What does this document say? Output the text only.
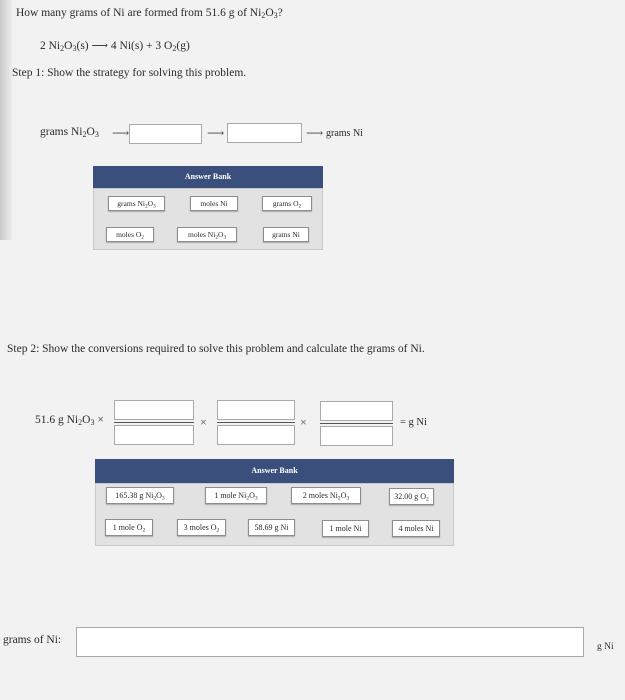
How many grams of Ni are formed from 51.6 g of $Ni_2O_3$?
2 $Ni_2O_3(s)$ ⟶ 4 Ni(s) + 3 $O_2(g)$
Step 1: Show the strategy for solving this problem.
grams $Ni_2O_3$ ⟶	⟶	⟶ grams Ni
Answer Bank
Step 2: Show the conversions required to solve this problem and calculate the grams of Ni.
51.6 g $Ni_2O_3$ ×	×	×	= g Ni
Answer Bank
grams of Ni:
g Ni
grams $Ni_2O_3$	moles Ni	grams $O_2$
moles $O_2$	moles $Ni_2O_3$	grams Ni
165.38 g $Ni_2O_3$	1 mole $Ni_2O_3$	2 moles $Ni_2O_3$	32.00 g $O_2$
1 mole $O_2$	3 moles $O_2$	58.69 g Ni	1 mole Ni	4 moles Ni
